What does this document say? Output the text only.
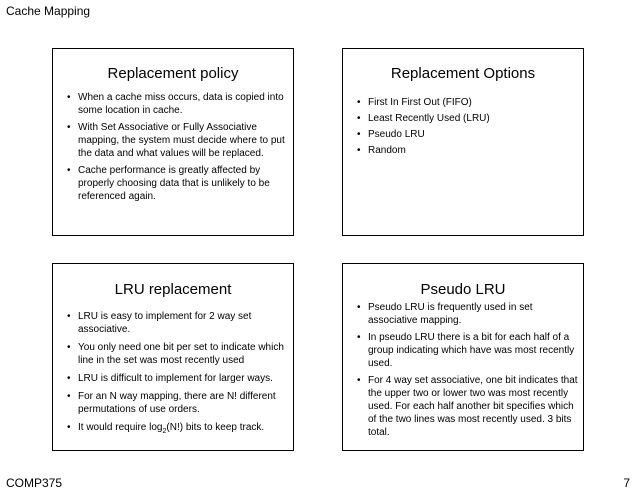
Cache Mapping
Replacement policy
• When a cache miss occurs, data is copied into some location in cache.
• With Set Associative or Fully Associative mapping, the system must decide where to put the data and what values will be replaced.
• Cache performance is greatly affected by properly choosing data that is unlikely to be referenced again.
Replacement Options
• First In First Out (FIFO)
• Least Recently Used (LRU)
• Pseudo LRU
• Random
LRU replacement
• LRU is easy to implement for 2 way set associative.
• You only need one bit per set to indicate which line in the set was most recently used
• LRU is difficult to implement for larger ways.
• For an N way mapping, there are N! different permutations of use orders.
• It would require $\log_2(N!)$ bits to keep track.
Pseudo LRU
• Pseudo LRU is frequently used in set associative mapping.
• In pseudo LRU there is a bit for each half of a group indicating which have was most recently used.
• For 4 way set associative, one bit indicates that the upper two or lower two was most recently used. For each half another bit specifies which of the two lines was most recently used. 3 bits total.
COMP375	7
